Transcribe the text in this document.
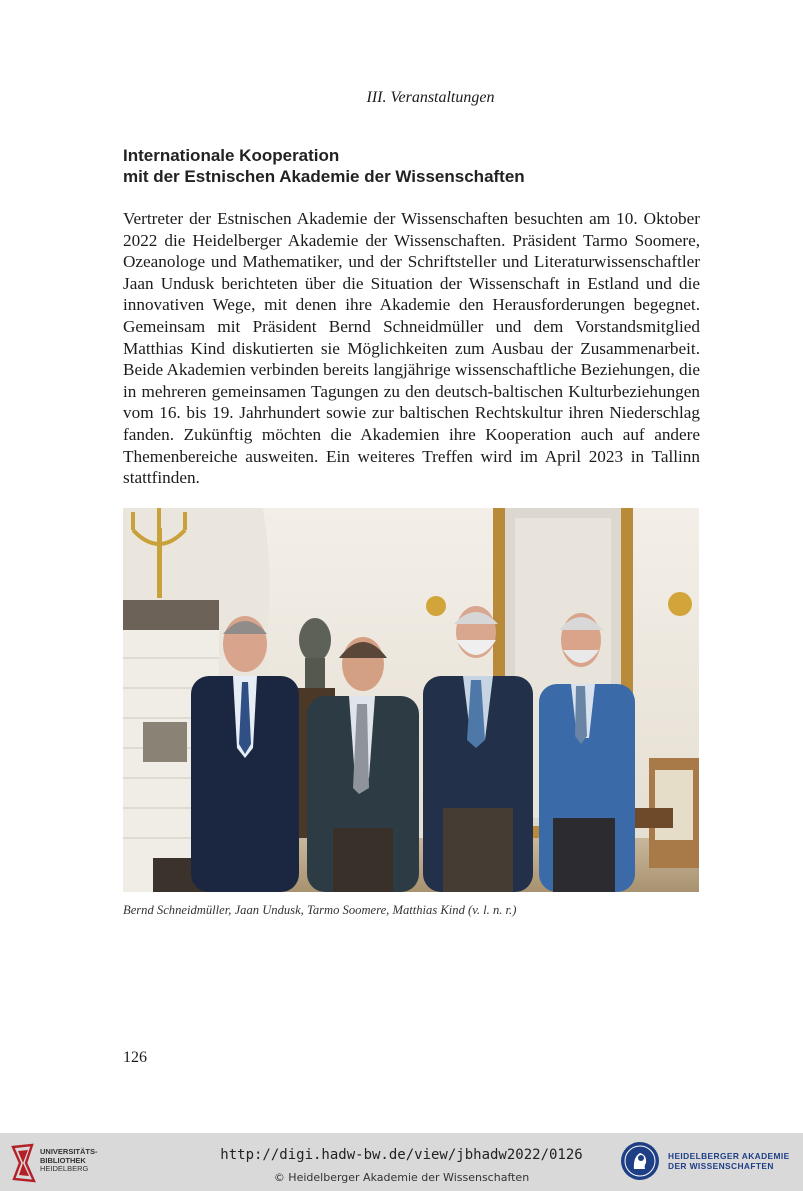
III. Veranstaltungen
Internationale Kooperation
mit der Estnischen Akademie der Wissenschaften
Vertreter der Estnischen Akademie der Wissenschaften besuchten am 10. Oktober 2022 die Heidelberger Akademie der Wissenschaften. Präsident Tarmo Soomere, Ozeanologe und Mathematiker, und der Schriftsteller und Literaturwissenschaftler Jaan Undusk berichteten über die Situation der Wissenschaft in Estland und die innovativen Wege, mit denen ihre Akademie den Herausforderungen begegnet. Gemeinsam mit Präsident Bernd Schneidmüller und dem Vorstandsmitglied Matthias Kind diskutierten sie Möglichkeiten zum Ausbau der Zusammenarbeit. Beide Akademien verbinden bereits langjährige wissenschaftliche Beziehungen, die in mehreren gemeinsamen Tagungen zu den deutsch-baltischen Kulturbeziehungen vom 16. bis 19. Jahrhundert sowie zur baltischen Rechtskultur ihren Niederschlag fanden. Zukünftig möchten die Akademien ihre Kooperation auch auf andere Themenbereiche ausweiten. Ein weiteres Treffen wird im April 2023 in Tallinn stattfinden.
Bernd Schneidmüller, Jaan Undusk, Tarmo Soomere, Matthias Kind (v. l. n. r.)
126
UNIVERSITÄTS-
BIBLIOTHEK
HEIDELBERG
http://digi.hadw-bw.de/view/jbhadw2022/0126
© Heidelberger Akademie der Wissenschaften
HEIDELBERGER AKADEMIE
DER WISSENSCHAFTEN
